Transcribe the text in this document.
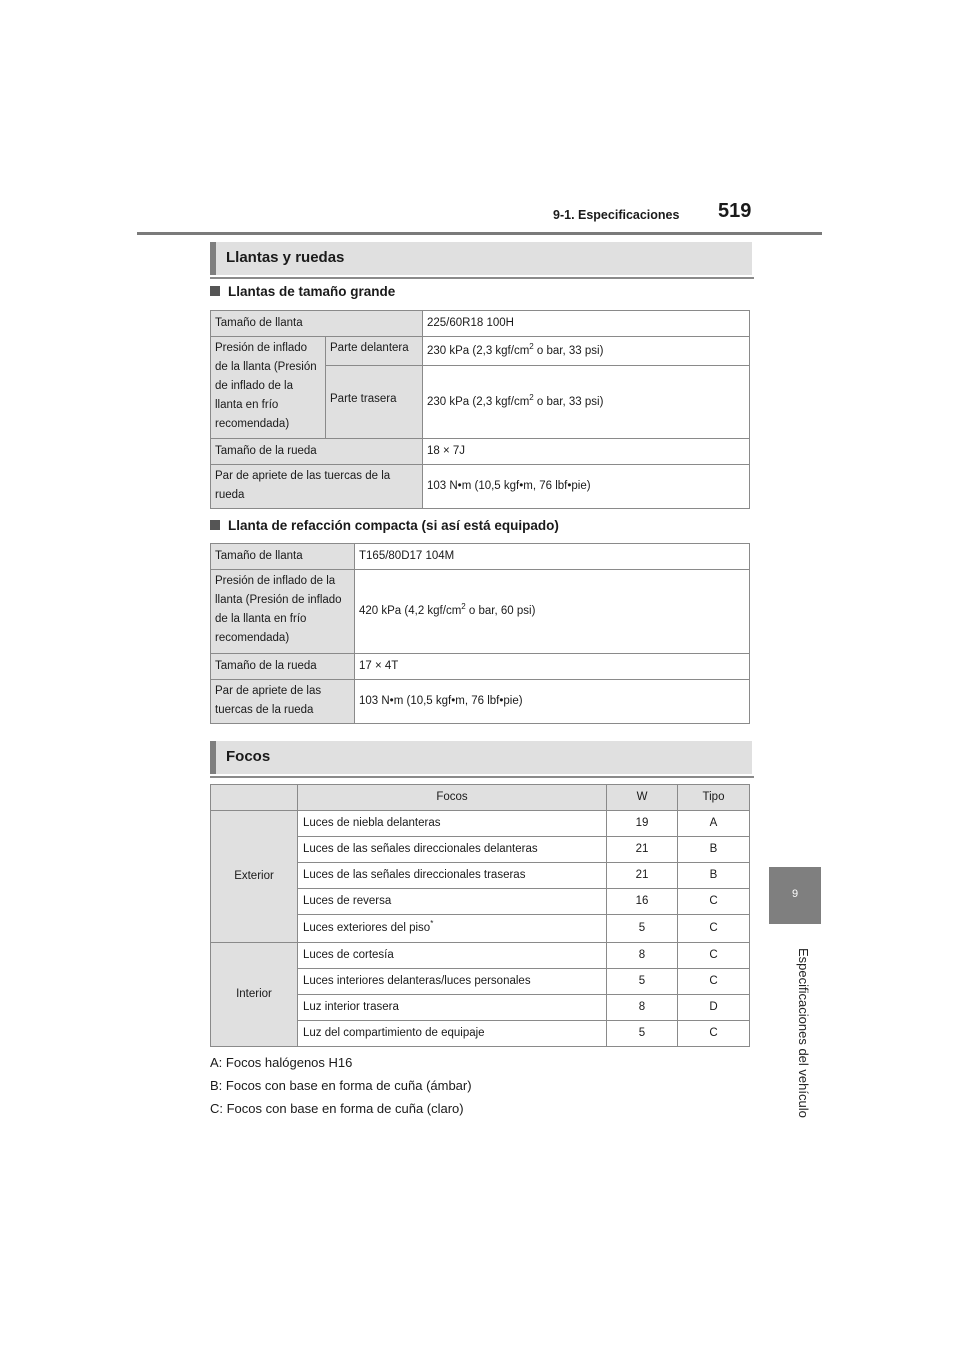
9-1. Especificaciones 519
9
Especificaciones del vehículo
Llantas y ruedas
Llantas de tamaño grande
Tamaño de llanta		225/60R18 100H
Presión de inflado de la llanta (Presión de inflado de la llanta en frío recomendada)	Parte delantera	230 kPa (2,3 kgf/$cm^2$ o bar, 33 psi)
	Parte trasera	230 kPa (2,3 kgf/$cm^2$ o bar, 33 psi)
Tamaño de la rueda		18 × 7J
Par de apriete de las tuercas de la rueda		103 N•m (10,5 kgf•m, 76 lbf•pie)
Llanta de refacción compacta (si así está equipado)
Tamaño de llanta	T165/80D17 104M
Presión de inflado de la llanta (Presión de inflado de la llanta en frío recomendada)	420 kPa (4,2 kgf/$cm^2$ o bar, 60 psi)
Tamaño de la rueda	17 × 4T
Par de apriete de las tuercas de la rueda	103 N•m (10,5 kgf•m, 76 lbf•pie)
Focos
	Focos	W	Tipo
Exterior	Luces de niebla delanteras	19	A
	Luces de las señales direccionales delanteras	21	B
	Luces de las señales direccionales traseras	21	B
	Luces de reversa	16	C
	Luces exteriores del piso*	5	C
Interior	Luces de cortesía	8	C
	Luces interiores delanteras/luces personales	5	C
	Luz interior trasera	8	D
	Luz del compartimiento de equipaje	5	C
A: Focos halógenos H16
B: Focos con base en forma de cuña (ámbar)
C: Focos con base en forma de cuña (claro)
